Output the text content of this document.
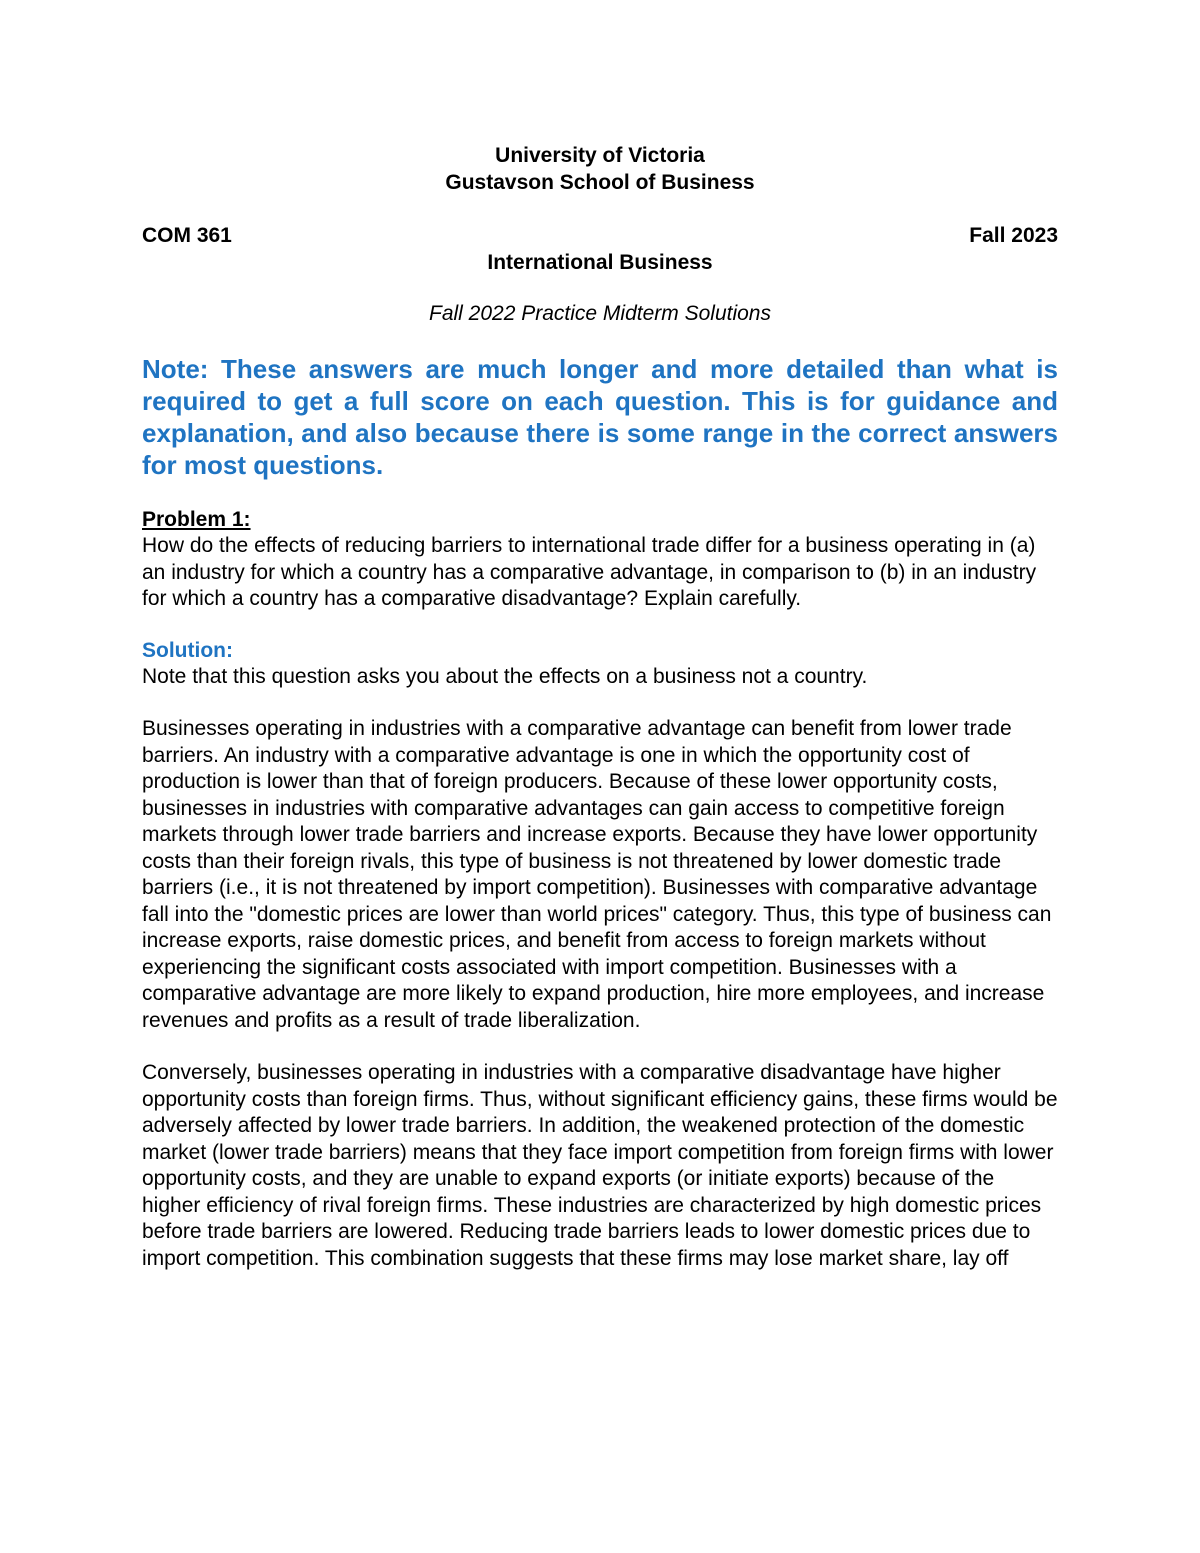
University of Victoria
Gustavson School of Business
COM 361	Fall 2023
International Business
Fall 2022 Practice Midterm Solutions
Note: These answers are much longer and more detailed than what is required to get a full score on each question. This is for guidance and explanation, and also because there is some range in the correct answers for most questions.
Problem 1:
How do the effects of reducing barriers to international trade differ for a business operating in (a) an industry for which a country has a comparative advantage, in comparison to (b) in an industry for which a country has a comparative disadvantage? Explain carefully.
Solution:
Note that this question asks you about the effects on a business not a country.
Businesses operating in industries with a comparative advantage can benefit from lower trade barriers. An industry with a comparative advantage is one in which the opportunity cost of production is lower than that of foreign producers. Because of these lower opportunity costs, businesses in industries with comparative advantages can gain access to competitive foreign markets through lower trade barriers and increase exports. Because they have lower opportunity costs than their foreign rivals, this type of business is not threatened by lower domestic trade barriers (i.e., it is not threatened by import competition). Businesses with comparative advantage fall into the "domestic prices are lower than world prices" category. Thus, this type of business can increase exports, raise domestic prices, and benefit from access to foreign markets without experiencing the significant costs associated with import competition. Businesses with a comparative advantage are more likely to expand production, hire more employees, and increase revenues and profits as a result of trade liberalization.
Conversely, businesses operating in industries with a comparative disadvantage have higher opportunity costs than foreign firms. Thus, without significant efficiency gains, these firms would be adversely affected by lower trade barriers. In addition, the weakened protection of the domestic market (lower trade barriers) means that they face import competition from foreign firms with lower opportunity costs, and they are unable to expand exports (or initiate exports) because of the higher efficiency of rival foreign firms. These industries are characterized by high domestic prices before trade barriers are lowered. Reducing trade barriers leads to lower domestic prices due to import competition. This combination suggests that these firms may lose market share, lay off
